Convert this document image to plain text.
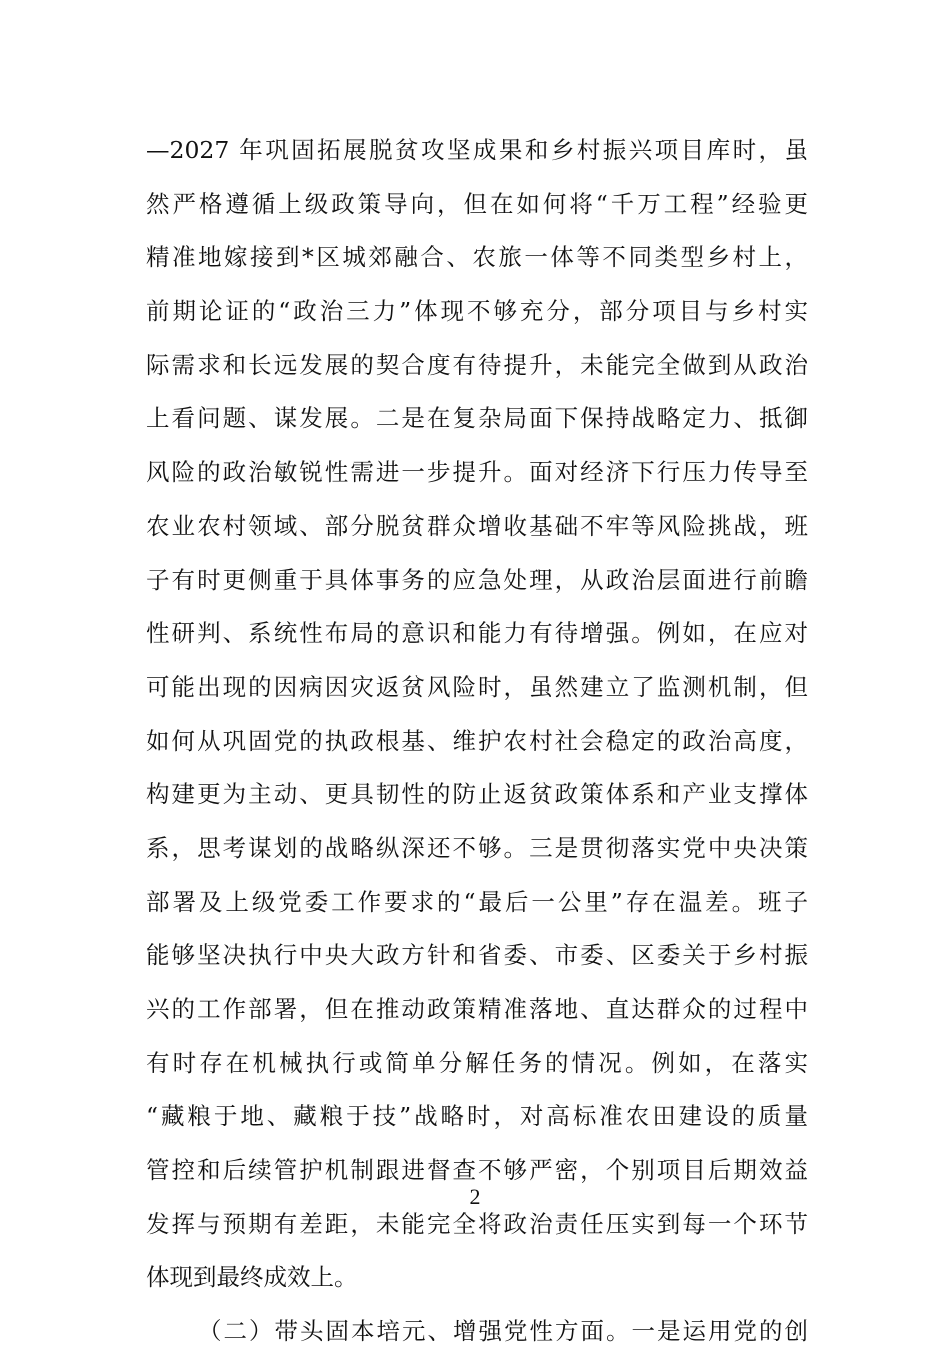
—2027 年巩固拓展脱贫攻坚成果和乡村振兴项目库时，虽
然严格遵循上级政策导向，但在如何将“千万工程”经验更
精准地嫁接到*区城郊融合、农旅一体等不同类型乡村上，
前期论证的“政治三力”体现不够充分，部分项目与乡村实
际需求和长远发展的契合度有待提升，未能完全做到从政治
上看问题、谋发展。二是在复杂局面下保持战略定力、抵御
风险的政治敏锐性需进一步提升。面对经济下行压力传导至
农业农村领域、部分脱贫群众增收基础不牢等风险挑战，班
子有时更侧重于具体事务的应急处理，从政治层面进行前瞻
性研判、系统性布局的意识和能力有待增强。例如，在应对
可能出现的因病因灾返贫风险时，虽然建立了监测机制，但
如何从巩固党的执政根基、维护农村社会稳定的政治高度，
构建更为主动、更具韧性的防止返贫政策体系和产业支撑体
系，思考谋划的战略纵深还不够。三是贯彻落实党中央决策
部署及上级党委工作要求的“最后一公里”存在温差。班子
能够坚决执行中央大政方针和省委、市委、区委关于乡村振
兴的工作部署，但在推动政策精准落地、直达群众的过程中
有时存在机械执行或简单分解任务的情况。例如，在落实
“藏粮于地、藏粮于技”战略时，对高标准农田建设的质量
管控和后续管护机制跟进督查不够严密，个别项目后期效益
发挥与预期有差距，未能完全将政治责任压实到每一个环节
体现到最终成效上。
（二）带头固本培元、增强党性方面。一是运用党的创
2
